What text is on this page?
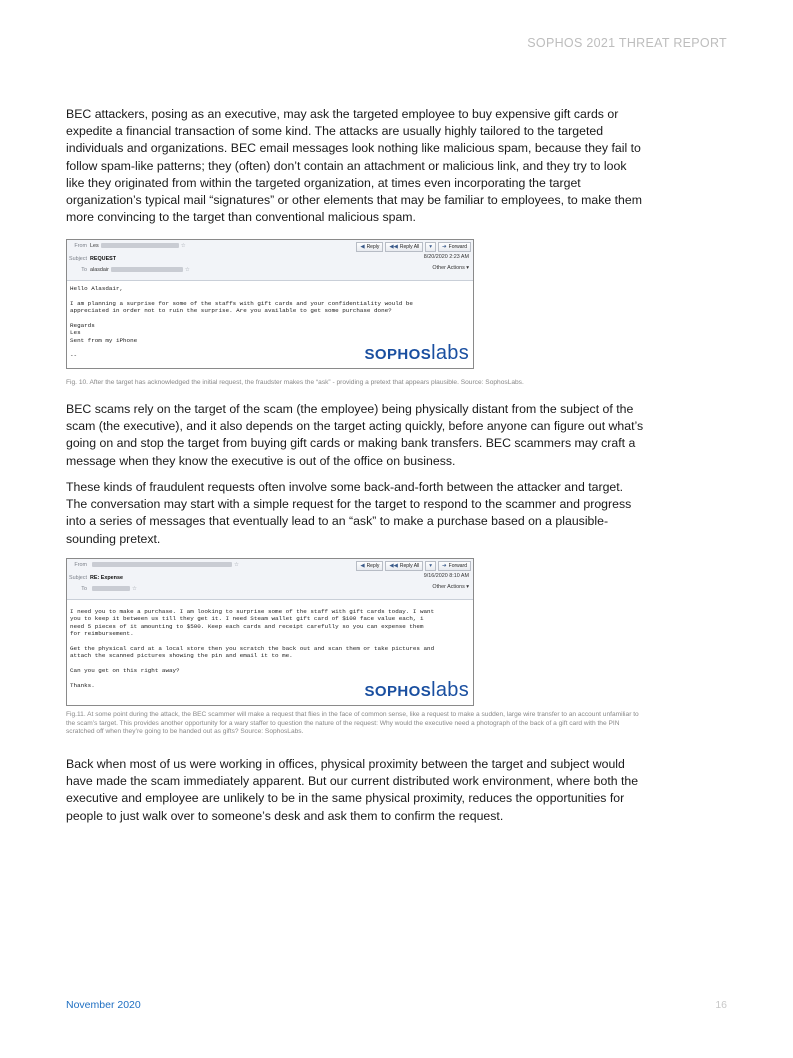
SOPHOS 2021 THREAT REPORT

BEC attackers, posing as an executive, may ask the targeted employee to buy expensive gift cards or expedite a financial transaction of some kind. The attacks are usually highly tailored to the targeted individuals and organizations. BEC email messages look nothing like malicious spam, because they fail to follow spam-like patterns; they (often) don’t contain an attachment or malicious link, and they try to look like they originated from within the targeted organization, at times even incorporating the target organization’s typical mail “signatures” or other elements that may be familiar to employees, to make them more convincing to the target than conventional malicious spam.

From Les	☆
Subject REQUEST
To alasdair	☆
◀ Reply ◀◀ Reply All ▾ ➜ Forward
8/20/2020 2:23 AM
Other Actions ▾
Hello Alasdair,

I am planning a surprise for some of the staffs with gift cards and your confidentiality would be
appreciated in order not to ruin the surprise. Are you available to get some purchase done?

Regards
Les
Sent from my iPhone

--	SOPHOS labs

Fig. 10. After the target has acknowledged the initial request, the fraudster makes the “ask” - providing a pretext that appears plausible. Source: SophosLabs.

BEC scams rely on the target of the scam (the employee) being physically distant from the subject of the scam (the executive), and it also depends on the target acting quickly, before anyone can figure out what’s going on and stop the target from buying gift cards or making bank transfers. BEC scammers may craft a message when they know the executive is out of the office on business.

These kinds of fraudulent requests often involve some back-and-forth between the attacker and target. The conversation may start with a simple request for the target to respond to the scammer and progress into a series of messages that eventually lead to an “ask” to make a purchase based on a plausible-sounding pretext.

From	☆
Subject RE: Expense
To	☆
◀ Reply ◀◀ Reply All ▾ ➜ Forward
9/16/2020 8:10 AM
Other Actions ▾
I need you to make a purchase. I am looking to surprise some of the staff with gift cards today. I want
you to keep it between us till they get it. I need Steam wallet gift card of $100 face value each, i
need 5 pieces of it amounting to $500. Keep each cards and receipt carefully so you can expense them
for reimbursement.

Get the physical card at a local store then you scratch the back out and scan them or take pictures and
attach the scanned pictures showing the pin and email it to me.

Can you get on this right away?

Thanks.	SOPHOS labs

Fig.11. At some point during the attack, the BEC scammer will make a request that flies in the face of common sense, like a request to make a sudden, large wire transfer to an account unfamiliar to the scam’s target. This provides another opportunity for a wary staffer to question the nature of the request: Why would the executive need a photograph of the back of a gift card with the PIN scratched off when they’re going to be handed out as gifts? Source: SophosLabs.

Back when most of us were working in offices, physical proximity between the target and subject would have made the scam immediately apparent. But our current distributed work environment, where both the executive and employee are unlikely to be in the same physical proximity, reduces the opportunities for people to just walk over to someone’s desk and ask them to confirm the request.

November 2020	16
